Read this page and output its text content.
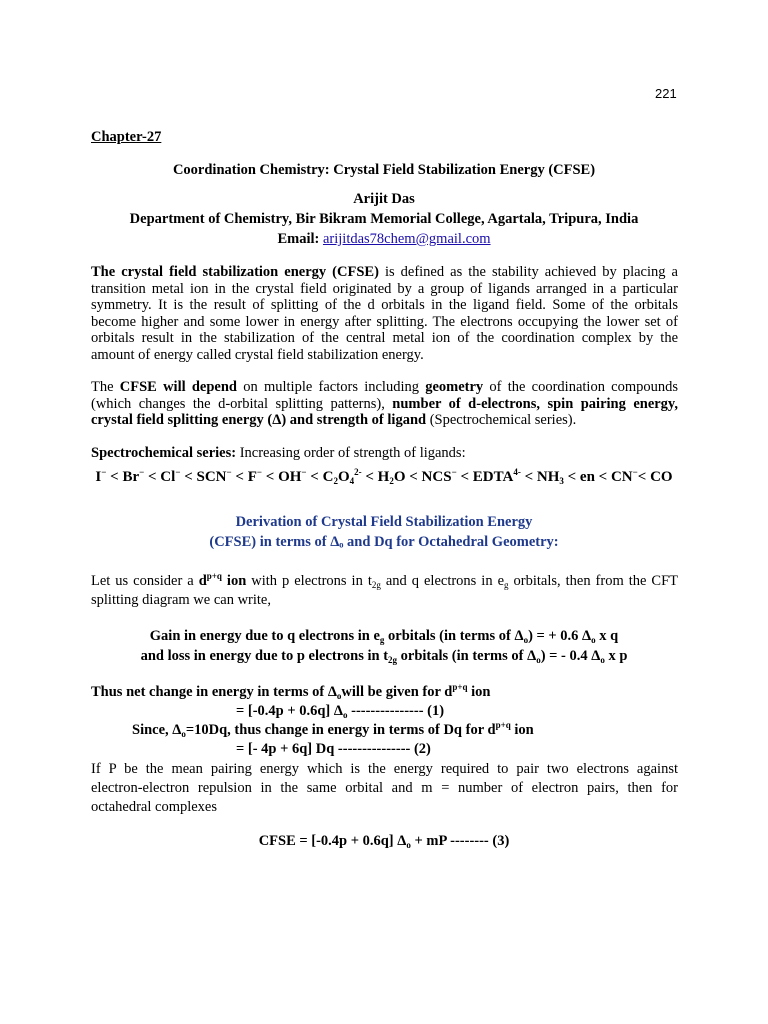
221
Chapter-27
Coordination Chemistry: Crystal Field Stabilization Energy (CFSE)
Arijit Das
Department of Chemistry, Bir Bikram Memorial College, Agartala, Tripura, India
Email: arijitdas78chem@gmail.com
The crystal field stabilization energy (CFSE) is defined as the stability achieved by placing a
transition metal ion in the crystal field originated by a group of ligands arranged in a particular
symmetry. It is the result of splitting of the d orbitals in the ligand field. Some of the orbitals
become higher and some lower in energy after splitting. The electrons occupying the lower set of
orbitals result in the stabilization of the central metal ion of the coordination complex by the
amount of energy called crystal field stabilization energy.
The CFSE will depend on multiple factors including geometry of the coordination compounds
(which changes the d-orbital splitting patterns), number of d-electrons, spin pairing energy,
crystal field splitting energy (Δ) and strength of ligand (Spectrochemical series).
Spectrochemical series: Increasing order of strength of ligands:
$I^- < Br^- < Cl^- < SCN^- < F^- < OH^- < C_2O_4^{2-} < H_2O < NCS^-$ < $EDTA^{4-} < NH_3$ < en < CN−< CO
Derivation of Crystal Field Stabilization Energy
(CFSE) in terms of Δₒ and Dq for Octahedral Geometry:
Let us consider a $d^{p+q}$ ion with p electrons in $t_{2g}$ and q electrons in $e_g$ orbitals, then from the CFT
splitting diagram we can write,
Gain in energy due to q electrons in $e_g$ orbitals (in terms of $\Delta_o$) = + 0.6 $\Delta_o$ x q
and loss in energy due to p electrons in $t_{2g}$ orbitals (in terms of $\Delta_o$) = - 0.4 $\Delta_o$ x p
Thus net change in energy in terms of $\Delta_owill$ be given for $d^{p+q}$ ion
= [-0.4p + 0.6q] $\Delta_o$ --------------- (1)
Since, $\Delta_o=10Dq$, thus change in energy in terms of Dq for $d^{p+q}$ ion
= [- 4p + 6q] Dq --------------- (2)
If P be the mean pairing energy which is the energy required to pair two electrons against
electron-electron repulsion in the same orbital and m = number of electron pairs, then for
octahedral complexes
CFSE = [-0.4p + 0.6q] $\Delta_o$ + mP -------- (3)
